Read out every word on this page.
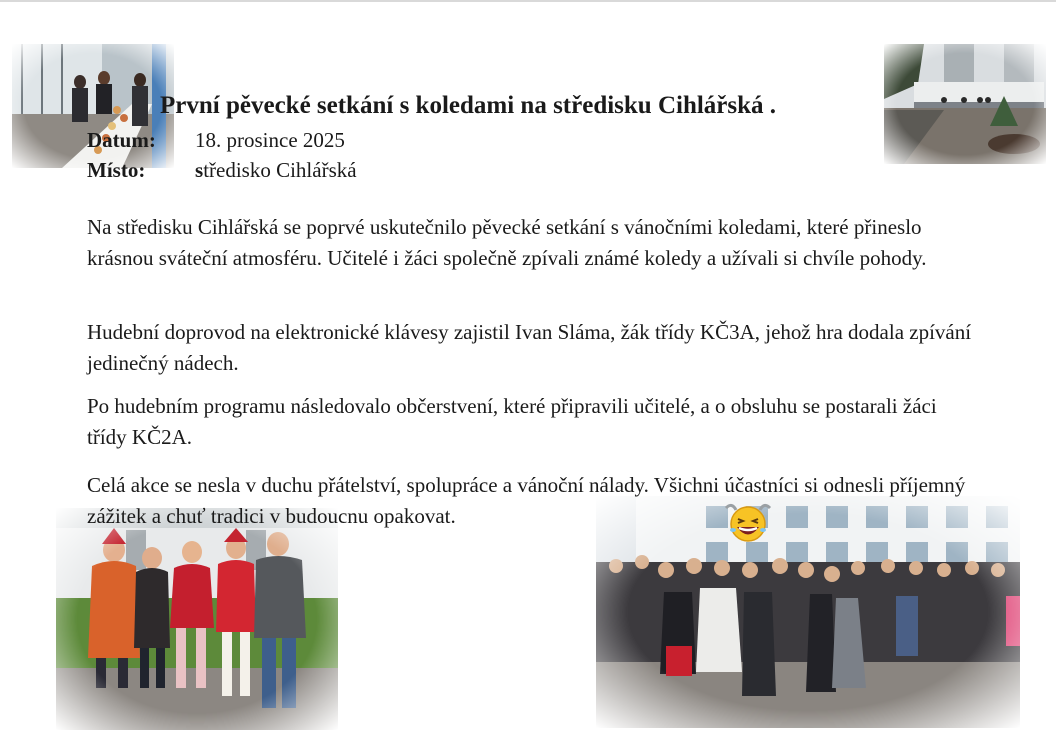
První pěvecké setkání s koledami na středisku Cihlářská .
Datum: 18. prosince 2025
Místo: středisko Cihlářská

Na středisku Cihlářská se poprvé uskutečnilo pěvecké setkání s vánočními koledami, které přineslo krásnou sváteční atmosféru. Učitelé i žáci společně zpívali známé koledy a užívali si chvíle pohody.

Hudební doprovod na elektronické klávesy zajistil Ivan Sláma, žák třídy KČ3A, jehož hra dodala zpívání jedinečný nádech.

Po hudebním programu následovalo občerstvení, které připravili učitelé, a o obsluhu se postarali žáci třídy KČ2A.

Celá akce se nesla v duchu přátelství, spolupráce a vánoční nálady. Všichni účastníci si odnesli příjemný zážitek a chuť tradici v budoucnu opakovat.
